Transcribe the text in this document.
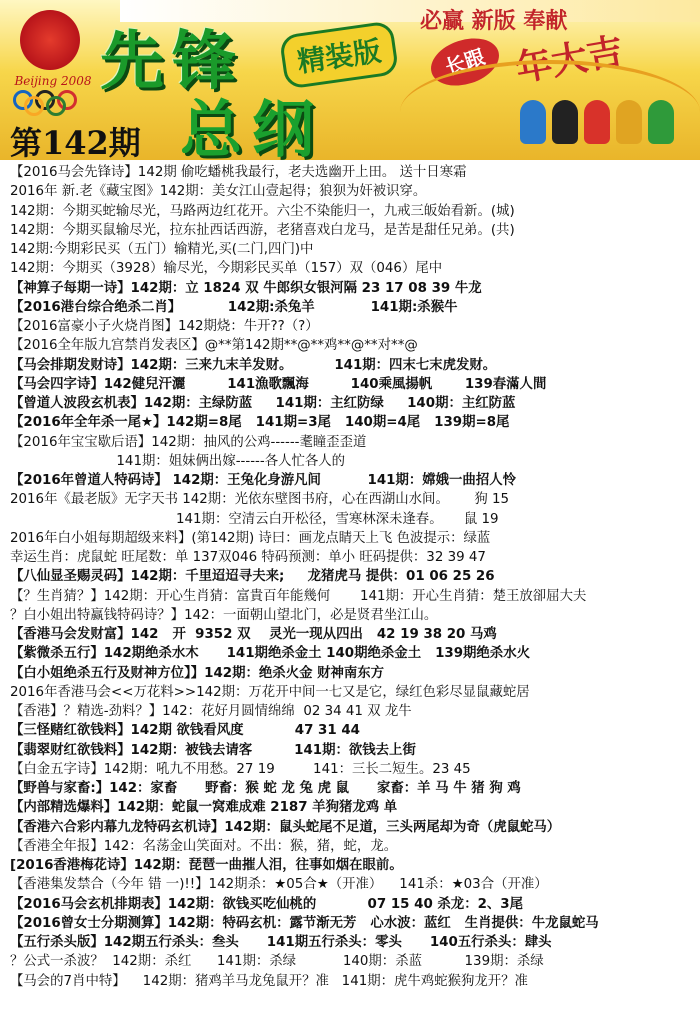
Beijing 2008 先锋	精装版
总纲
第142期
必赢 新版 奉献
长跟 年大吉
【2016马会先锋诗】142期 偷吃蟠桃我最行，老夫选幽开上田。 送十日寒霜
2016年 新.老《藏宝图》142期：美女江山壹起得；狼狈为奸被识穿。
142期：今期买蛇输尽光，马路两边红花开。六尘不染能归一，九戒三皈始看新。(城)
142期：今期买鼠输尽光，拉东扯西话西游，老猪喜戏白龙马，是苦是甜任兄弟。(共)
142期:今期彩民买（五门）输精光,买(二门,四门)中
142期：今期买（3928）输尽光，今期彩民买单（157）双（046）尾中
【神算子每期一诗】142期：立 1824 双 牛郎织女银河隔 23 17 08 39 牛龙
【2016港台综合绝杀二肖】          142期:杀兔羊            141期:杀猴牛
【2016富豪小子火烧肖图】142期烧：牛开??（?）
【2016全年版九宫禁肖发表区】@**第142期**@**鸡**@**对**@
【马会排期发财诗】142期：三来九末羊发财。         141期：四末七末虎发财。
【马会四字诗】142健兒汗灑         141漁歌飄海         140乘風揚帆       139春滿人間
【曾道人波段玄机表】142期：主绿防蓝     141期：主红防绿     140期：主红防蓝
【2016年全年杀一尾★】142期=8尾   141期=3尾   140期=4尾   139期=8尾
【2016年宝宝歇后语】142期：抽风的公鸡------耄瞳歪歪道
141期：姐妹俩出嫁------各人忙各人的
【2016年曾道人特码诗】 142期：王兔化身游凡间          141期：嫦娥一曲招人怜
2016年《最老版》无字天书 142期：光依东壁图书府，心在西湖山水间。      狗 15
141期：空清云白开松径，雪寒林深未逢春。     鼠 19
2016年白小姐每期超级来料】(第142期) 诗曰：画龙点睛天上飞 色波提示：绿蓝
幸运生肖：虎鼠蛇 旺尾数：单 137双046 特码预测：单小 旺码提供：32 39 47
【八仙显圣赐灵码】142期：千里迢迢寻夫来;     龙猪虎马 提供：01 06 25 26
【？生肖猜？】142期：开心生肖猜：富貴百年能幾何       141期：开心生肖猜：楚王放卻屈大夫
？白小姐出特赢钱特码诗？】142：一面朝山望北门，必是贤君坐江山。
【香港马会发财富】142   开  9352 双    灵光一现从四出   42 19 38 20 马鸡
【紫微杀五行】142期绝杀水木      141期绝杀金土 140期绝杀金土   139期绝杀水火
【白小姐绝杀五行及财神方位】】142期：绝杀火金 财神南东方
2016年香港马会<<万花料>>142期：万花开中间一七又是它，绿红色彩尽显鼠藏蛇居
【香港】？精选-劲料？】142：花好月圆情绵绵  02 34 41 双 龙牛
【三怪赌红欲钱料】142期 欲钱看风度           47 31 44
【翡翠财红欲钱料】142期：被钱去请客         141期：欲钱去上街
【白金五字诗】142期：吼九不用愁。27 19         141：三长二短生。23 45
【野兽与家畜:】142：家畜      野畜：猴 蛇 龙 兔 虎 鼠      家畜：羊 马 牛 猪 狗 鸡
【内部精选爆料】142期：蛇鼠一窝难成难 2187 羊狗猪龙鸡 单
【香港六合彩内幕九龙特码玄机诗】142期：鼠头蛇尾不足道，三头两尾却为奇（虎鼠蛇马）
【香港全年报】142：名荡金山笑面对。不出：猴，猪，蛇，龙。
[2016香港梅花诗】142期：琵琶一曲摧人泪，往事如烟在眼前。
【香港集发禁合（今年 错 一)!!】142期杀：★05合★（开准）    141杀：★03合（开准）
【2016马会玄机排期表】142期：欲钱买吃仙桃的           07 15 40 杀龙：2、3尾
【2016曾女士分期测算】142期：特码玄机：露节渐无芳   心水波：蓝红   生肖提供：牛龙鼠蛇马
【五行杀头版】142期五行杀头：叁头      141期五行杀头：零头      140五行杀头：肆头
？公式一杀波？  142期：杀红      141期：杀绿           140期：杀蓝          139期：杀绿
【马会的7肖中特】    142期：猪鸡羊马龙兔鼠开？准   141期：虎牛鸡蛇猴狗龙开？准
